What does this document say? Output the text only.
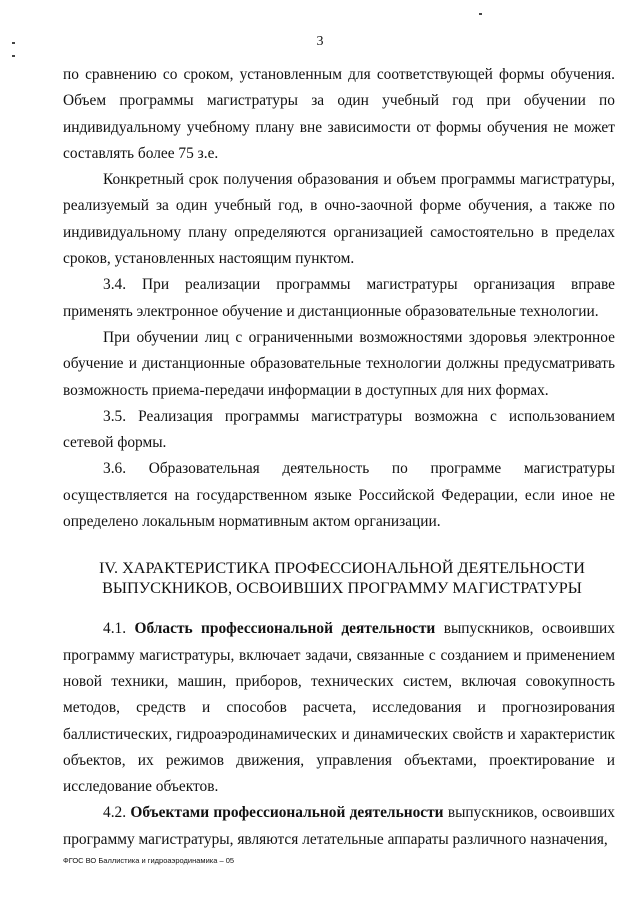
3

по сравнению со сроком, установленным для соответствующей формы обучения. Объем программы магистратуры за один учебный год при обучении по индивидуальному учебному плану вне зависимости от формы обучения не может составлять более 75 з.е.

Конкретный срок получения образования и объем программы магистратуры, реализуемый за один учебный год, в очно-заочной форме обучения, а также по индивидуальному плану определяются организацией самостоятельно в пределах сроков, установленных настоящим пунктом.

3.4. При реализации программы магистратуры организация вправе применять электронное обучение и дистанционные образовательные технологии.

При обучении лиц с ограниченными возможностями здоровья электронное обучение и дистанционные образовательные технологии должны предусматривать возможность приема-передачи информации в доступных для них формах.

3.5. Реализация программы магистратуры возможна с использованием сетевой формы.

3.6. Образовательная деятельность по программе магистратуры осуществляется на государственном языке Российской Федерации, если иное не определено локальным нормативным актом организации.

IV. ХАРАКТЕРИСТИКА ПРОФЕССИОНАЛЬНОЙ ДЕЯТЕЛЬНОСТИ
ВЫПУСКНИКОВ, ОСВОИВШИХ ПРОГРАММУ МАГИСТРАТУРЫ

4.1. Область профессиональной деятельности выпускников, освоивших программу магистратуры, включает задачи, связанные с созданием и применением новой техники, машин, приборов, технических систем, включая совокупность методов, средств и способов расчета, исследования и прогнозирования баллистических, гидроаэродинамических и динамических свойств и характеристик объектов, их режимов движения, управления объектами, проектирование и исследование объектов.

4.2. Объектами профессиональной деятельности выпускников, освоивших программу магистратуры, являются летательные аппараты различного назначения,

ФГОС ВО Баллистика и гидроаэродинамика – 05
